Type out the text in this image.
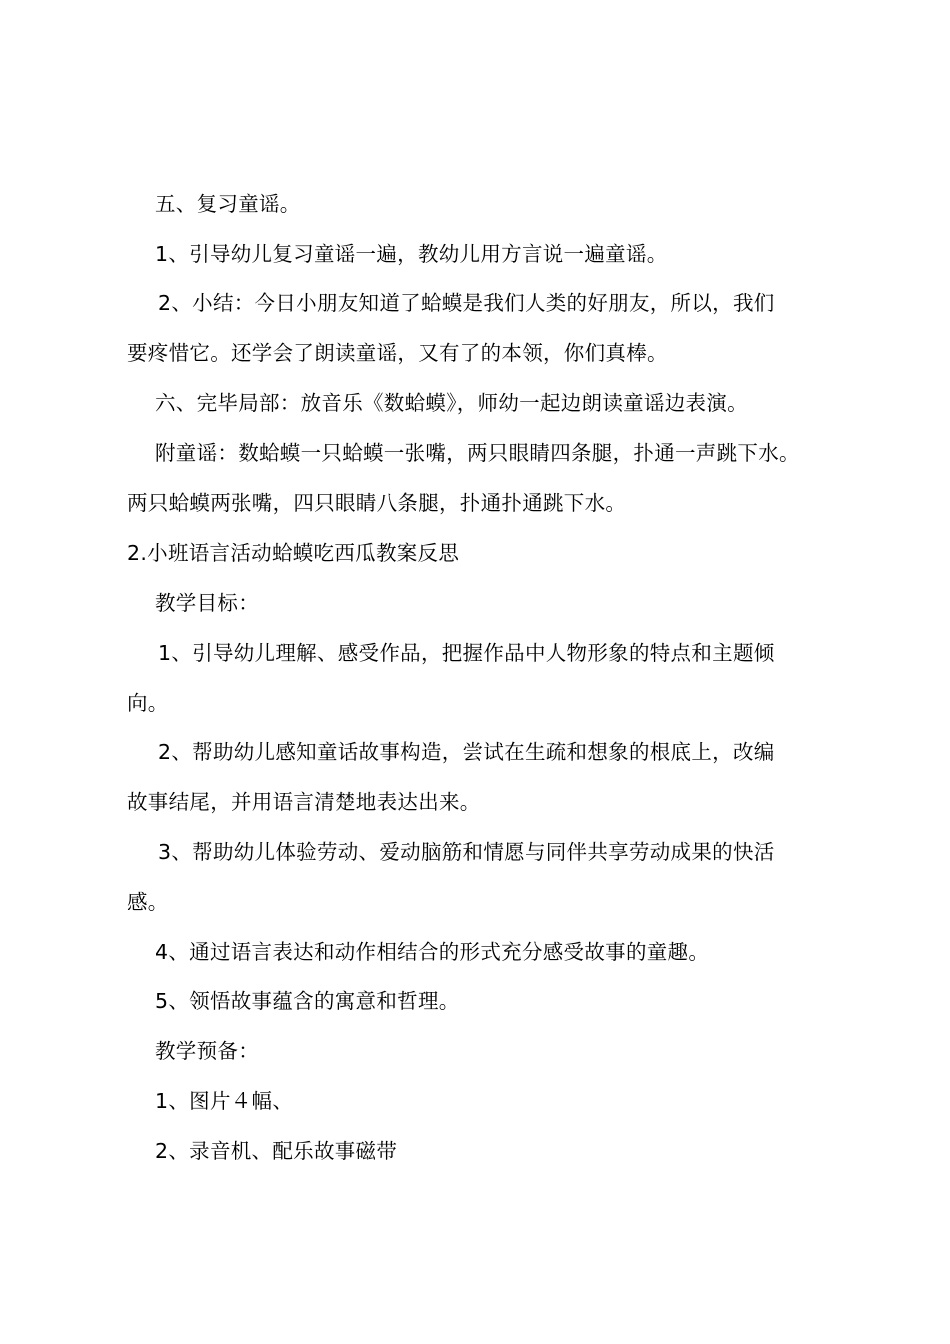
五、复习童谣。
1、引导幼儿复习童谣一遍，教幼儿用方言说一遍童谣。
2、小结：今日小朋友知道了蛤蟆是我们人类的好朋友，所以，我们
要疼惜它。还学会了朗读童谣，又有了的本领，你们真棒。
六、完毕局部：放音乐《数蛤蟆》，师幼一起边朗读童谣边表演。
附童谣：数蛤蟆一只蛤蟆一张嘴，两只眼睛四条腿，扑通一声跳下水。
两只蛤蟆两张嘴，四只眼睛八条腿，扑通扑通跳下水。
2.小班语言活动蛤蟆吃西瓜教案反思
教学目标：
1、引导幼儿理解、感受作品，把握作品中人物形象的特点和主题倾
向。
2、帮助幼儿感知童话故事构造，尝试在生疏和想象的根底上，改编
故事结尾，并用语言清楚地表达出来。
3、帮助幼儿体验劳动、爱动脑筋和情愿与同伴共享劳动成果的快活
感。
4、通过语言表达和动作相结合的形式充分感受故事的童趣。
5、领悟故事蕴含的寓意和哲理。
教学预备：
1、图片４幅、
2、录音机、配乐故事磁带
